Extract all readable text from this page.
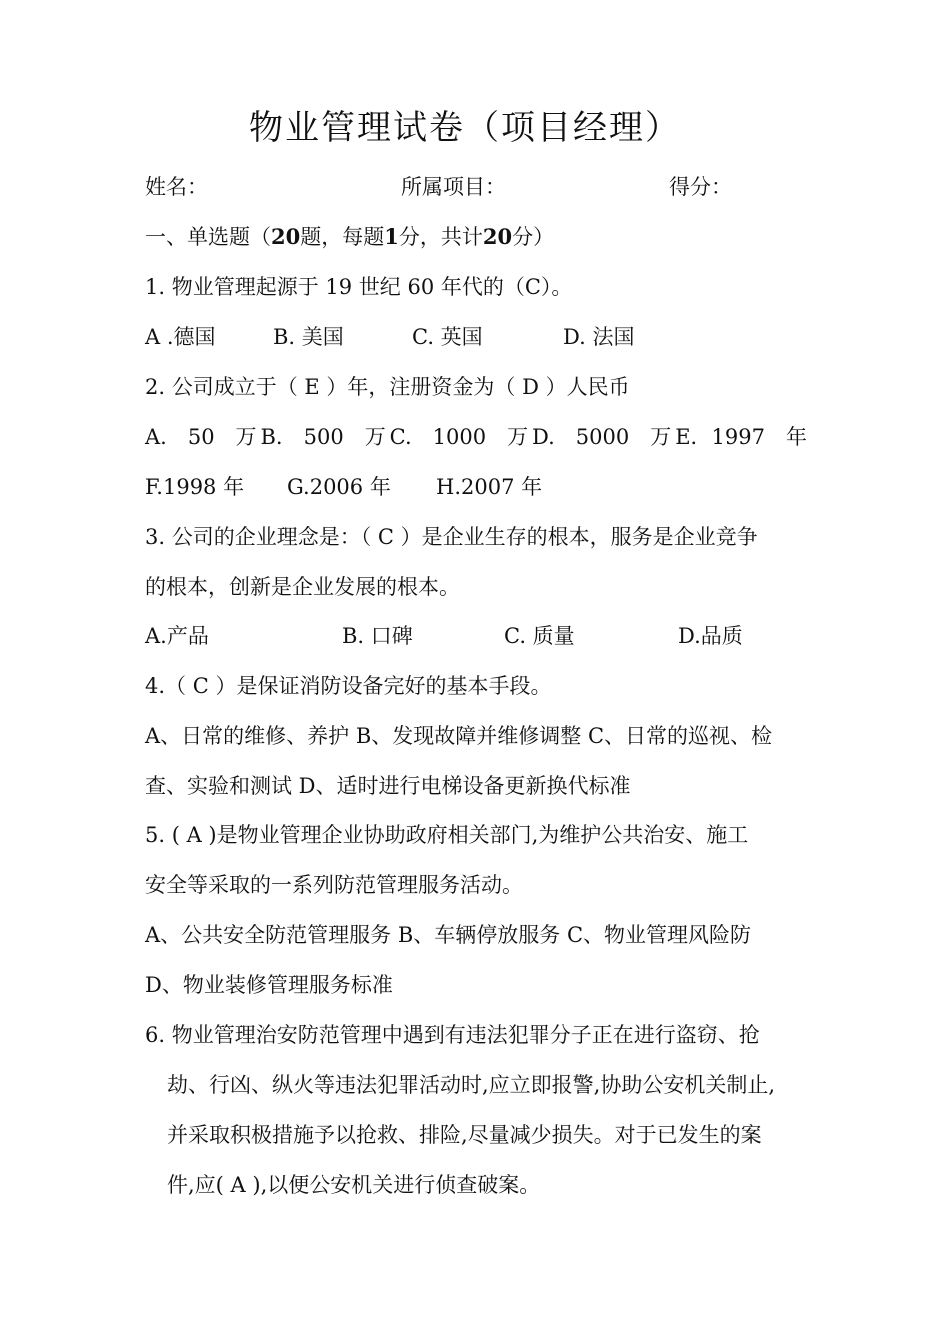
物业管理试卷（项目经理）
姓名：	所属项目：	得分：
一、单选题（20题，每题1分，共计20分）
1. 物业管理起源于 19 世纪 60 年代的（C）。
A .德国	B. 美国	C. 英国	D. 法国
2. 公司成立于（ E ）年，注册资金为（ D ）人民币
A.　50　万 B.　500　万 C.　1000　万 D.　5000　万 E．1997　年
F.1998 年 G.2006 年 H.2007 年
3. 公司的企业理念是：（ C ）是企业生存的根本，服务是企业竞争
的根本，创新是企业发展的根本。
A.产品	B. 口碑	C. 质量	D.品质
4.（ C ）是保证消防设备完好的基本手段。
A、日常的维修、养护 B、发现故障并维修调整 C、日常的巡视、检
查、实验和测试 D、适时进行电梯设备更新换代标准
5. ( A )是物业管理企业协助政府相关部门,为维护公共治安、施工
安全等采取的一系列防范管理服务活动。
A、公共安全防范管理服务 B、车辆停放服务 C、物业管理风险防
D、物业装修管理服务标准
6. 物业管理治安防范管理中遇到有违法犯罪分子正在进行盗窃、抢
劫、行凶、纵火等违法犯罪活动时,应立即报警,协助公安机关制止,
并采取积极措施予以抢救、排险,尽量减少损失。对于已发生的案
件,应( A ),以便公安机关进行侦查破案。
